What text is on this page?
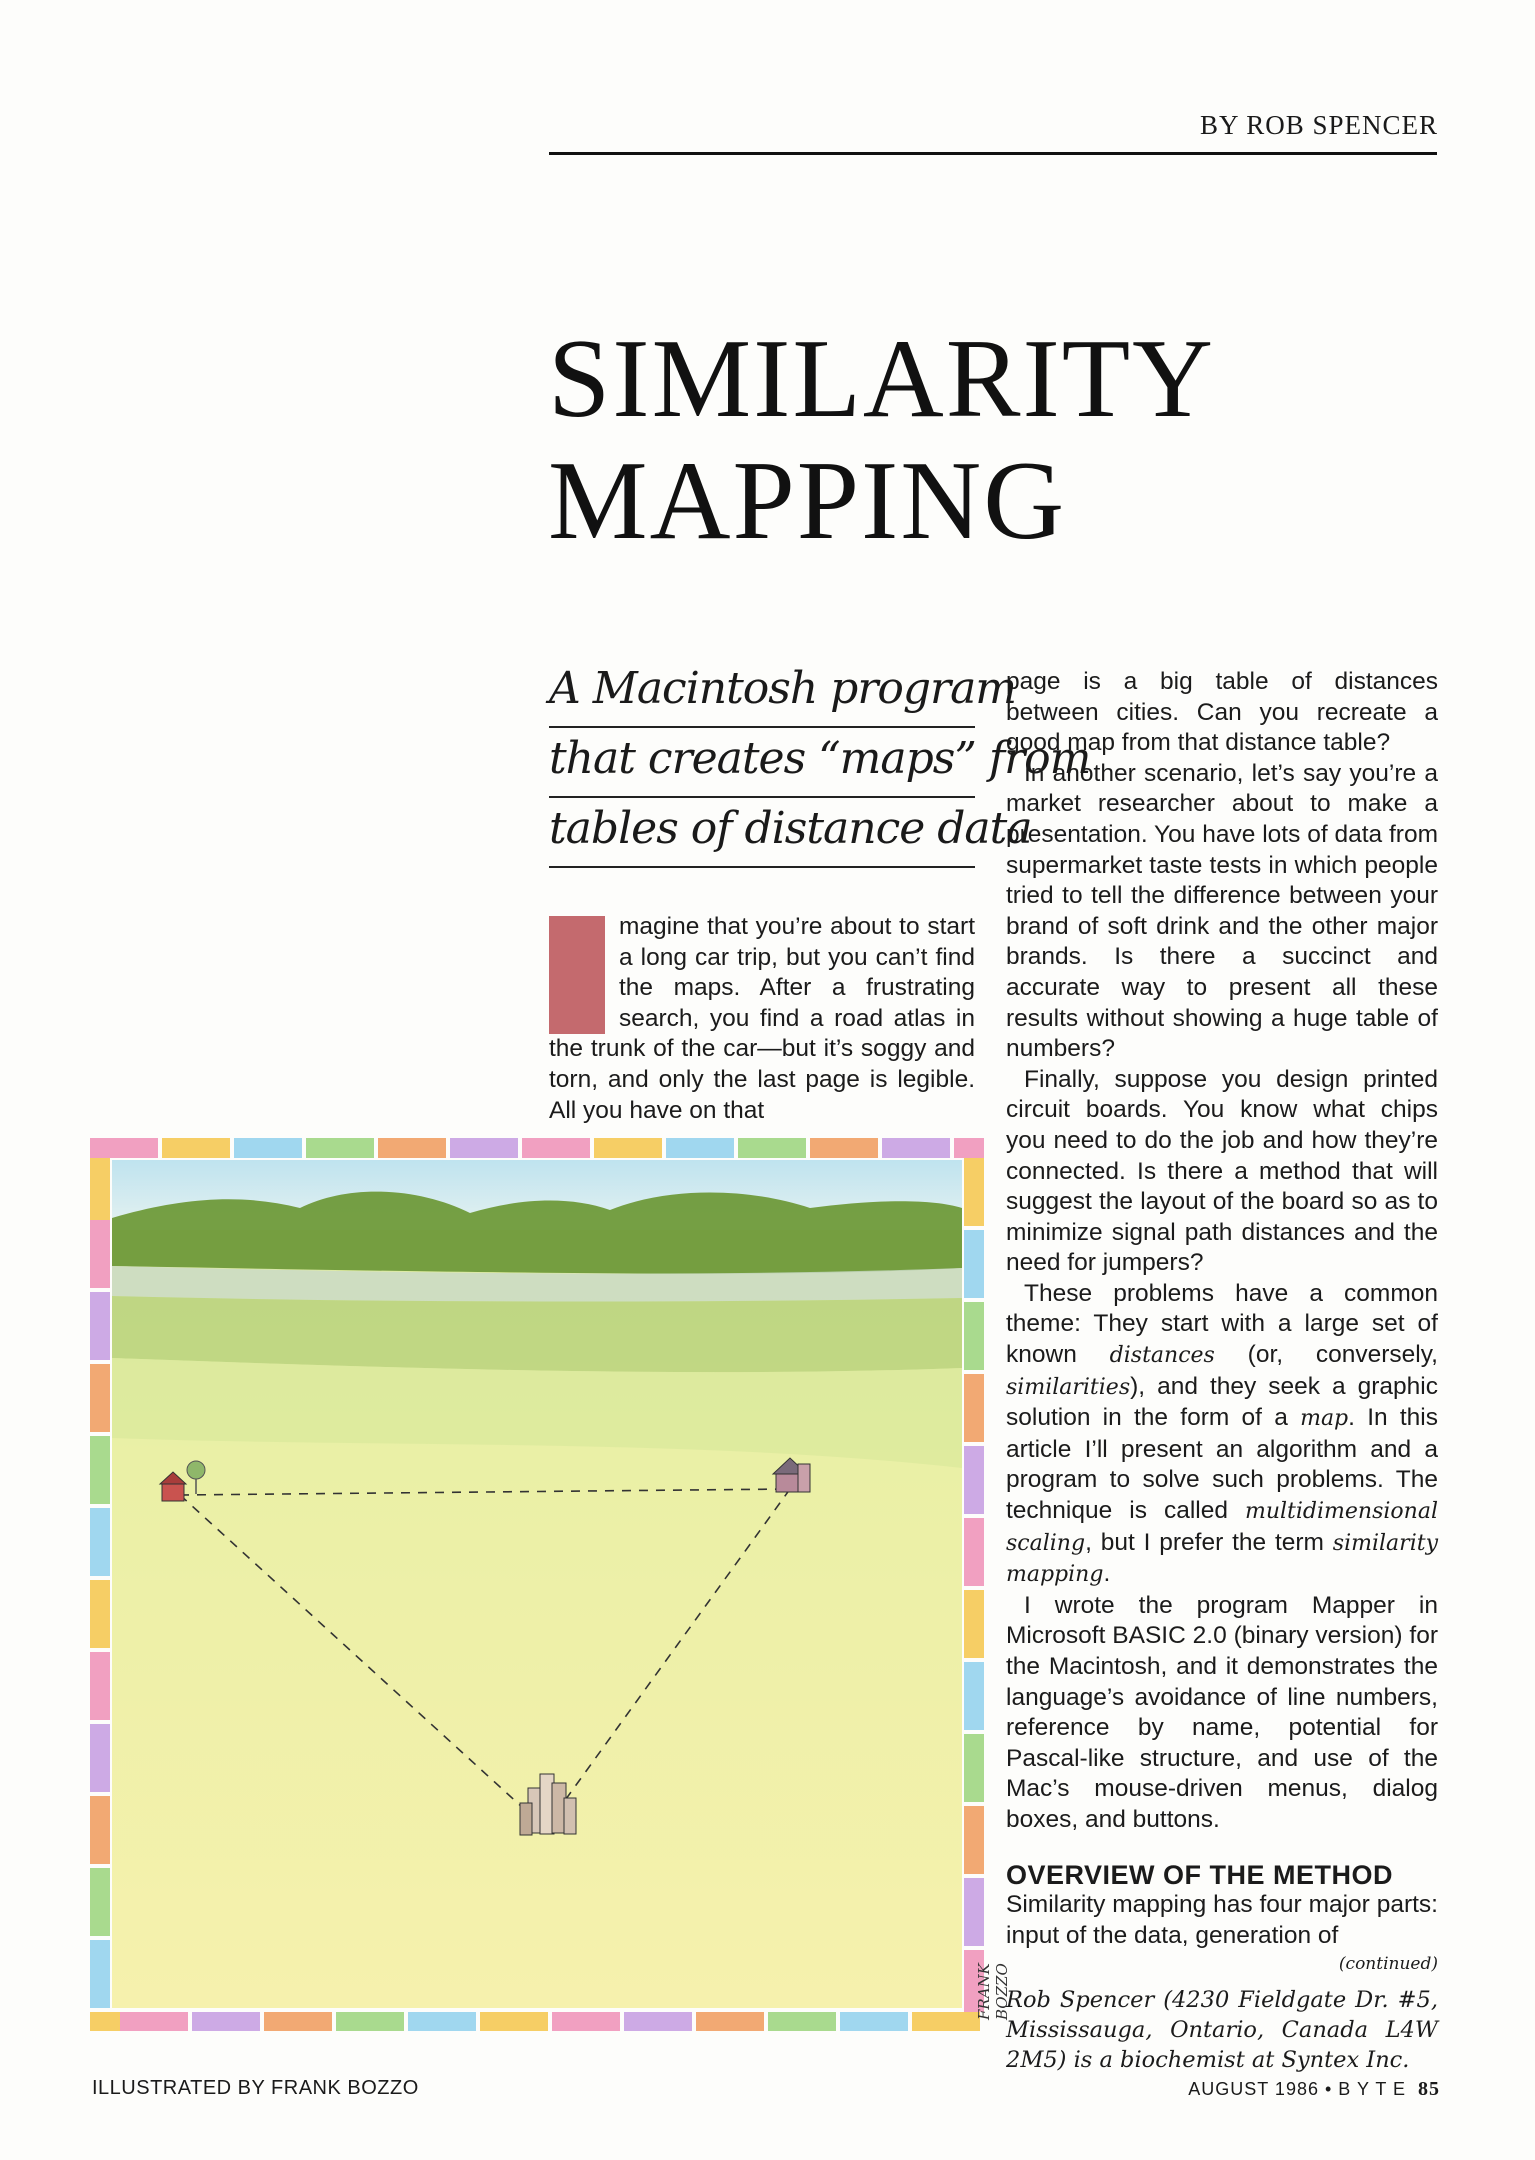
BY ROB SPENCER
SIMILARITY
MAPPING
A Macintosh program
that creates “maps” from
tables of distance data

magine that you’re about to start a long car trip, but you can’t find the maps. After a frustrating search, you find a road atlas in the trunk of the car—but it’s soggy and torn, and only the last page is legible. All you have on that

page is a big table of distances between cities. Can you recreate a good map from that distance table?

In another scenario, let’s say you’re a market researcher about to make a presentation. You have lots of data from supermarket taste tests in which people tried to tell the difference between your brand of soft drink and the other major brands. Is there a succinct and accurate way to present all these results without showing a huge table of numbers?

Finally, suppose you design printed circuit boards. You know what chips you need to do the job and how they’re connected. Is there a method that will suggest the layout of the board so as to minimize signal path distances and the need for jumpers?

These problems have a common theme: They start with a large set of known distances (or, conversely, similarities), and they seek a graphic solution in the form of a map. In this article I’ll present an algorithm and a program to solve such problems. The technique is called multidimensional scaling, but I prefer the term similarity mapping.

I wrote the program Mapper in Microsoft BASIC 2.0 (binary version) for the Macintosh, and it demonstrates the language’s avoidance of line numbers, reference by name, potential for Pascal-like structure, and use of the Mac’s mouse-driven menus, dialog boxes, and buttons.

OVERVIEW OF THE METHOD

Similarity mapping has four major parts: input of the data, generation of

(continued)
Rob Spencer (4230 Fieldgate Dr. #5, Mississauga, Ontario, Canada L4W 2M5) is a biochemist at Syntex Inc.
FRANK BOZZO
ILLUSTRATED BY FRANK BOZZO	AUGUST 1986 • B Y T E 85
